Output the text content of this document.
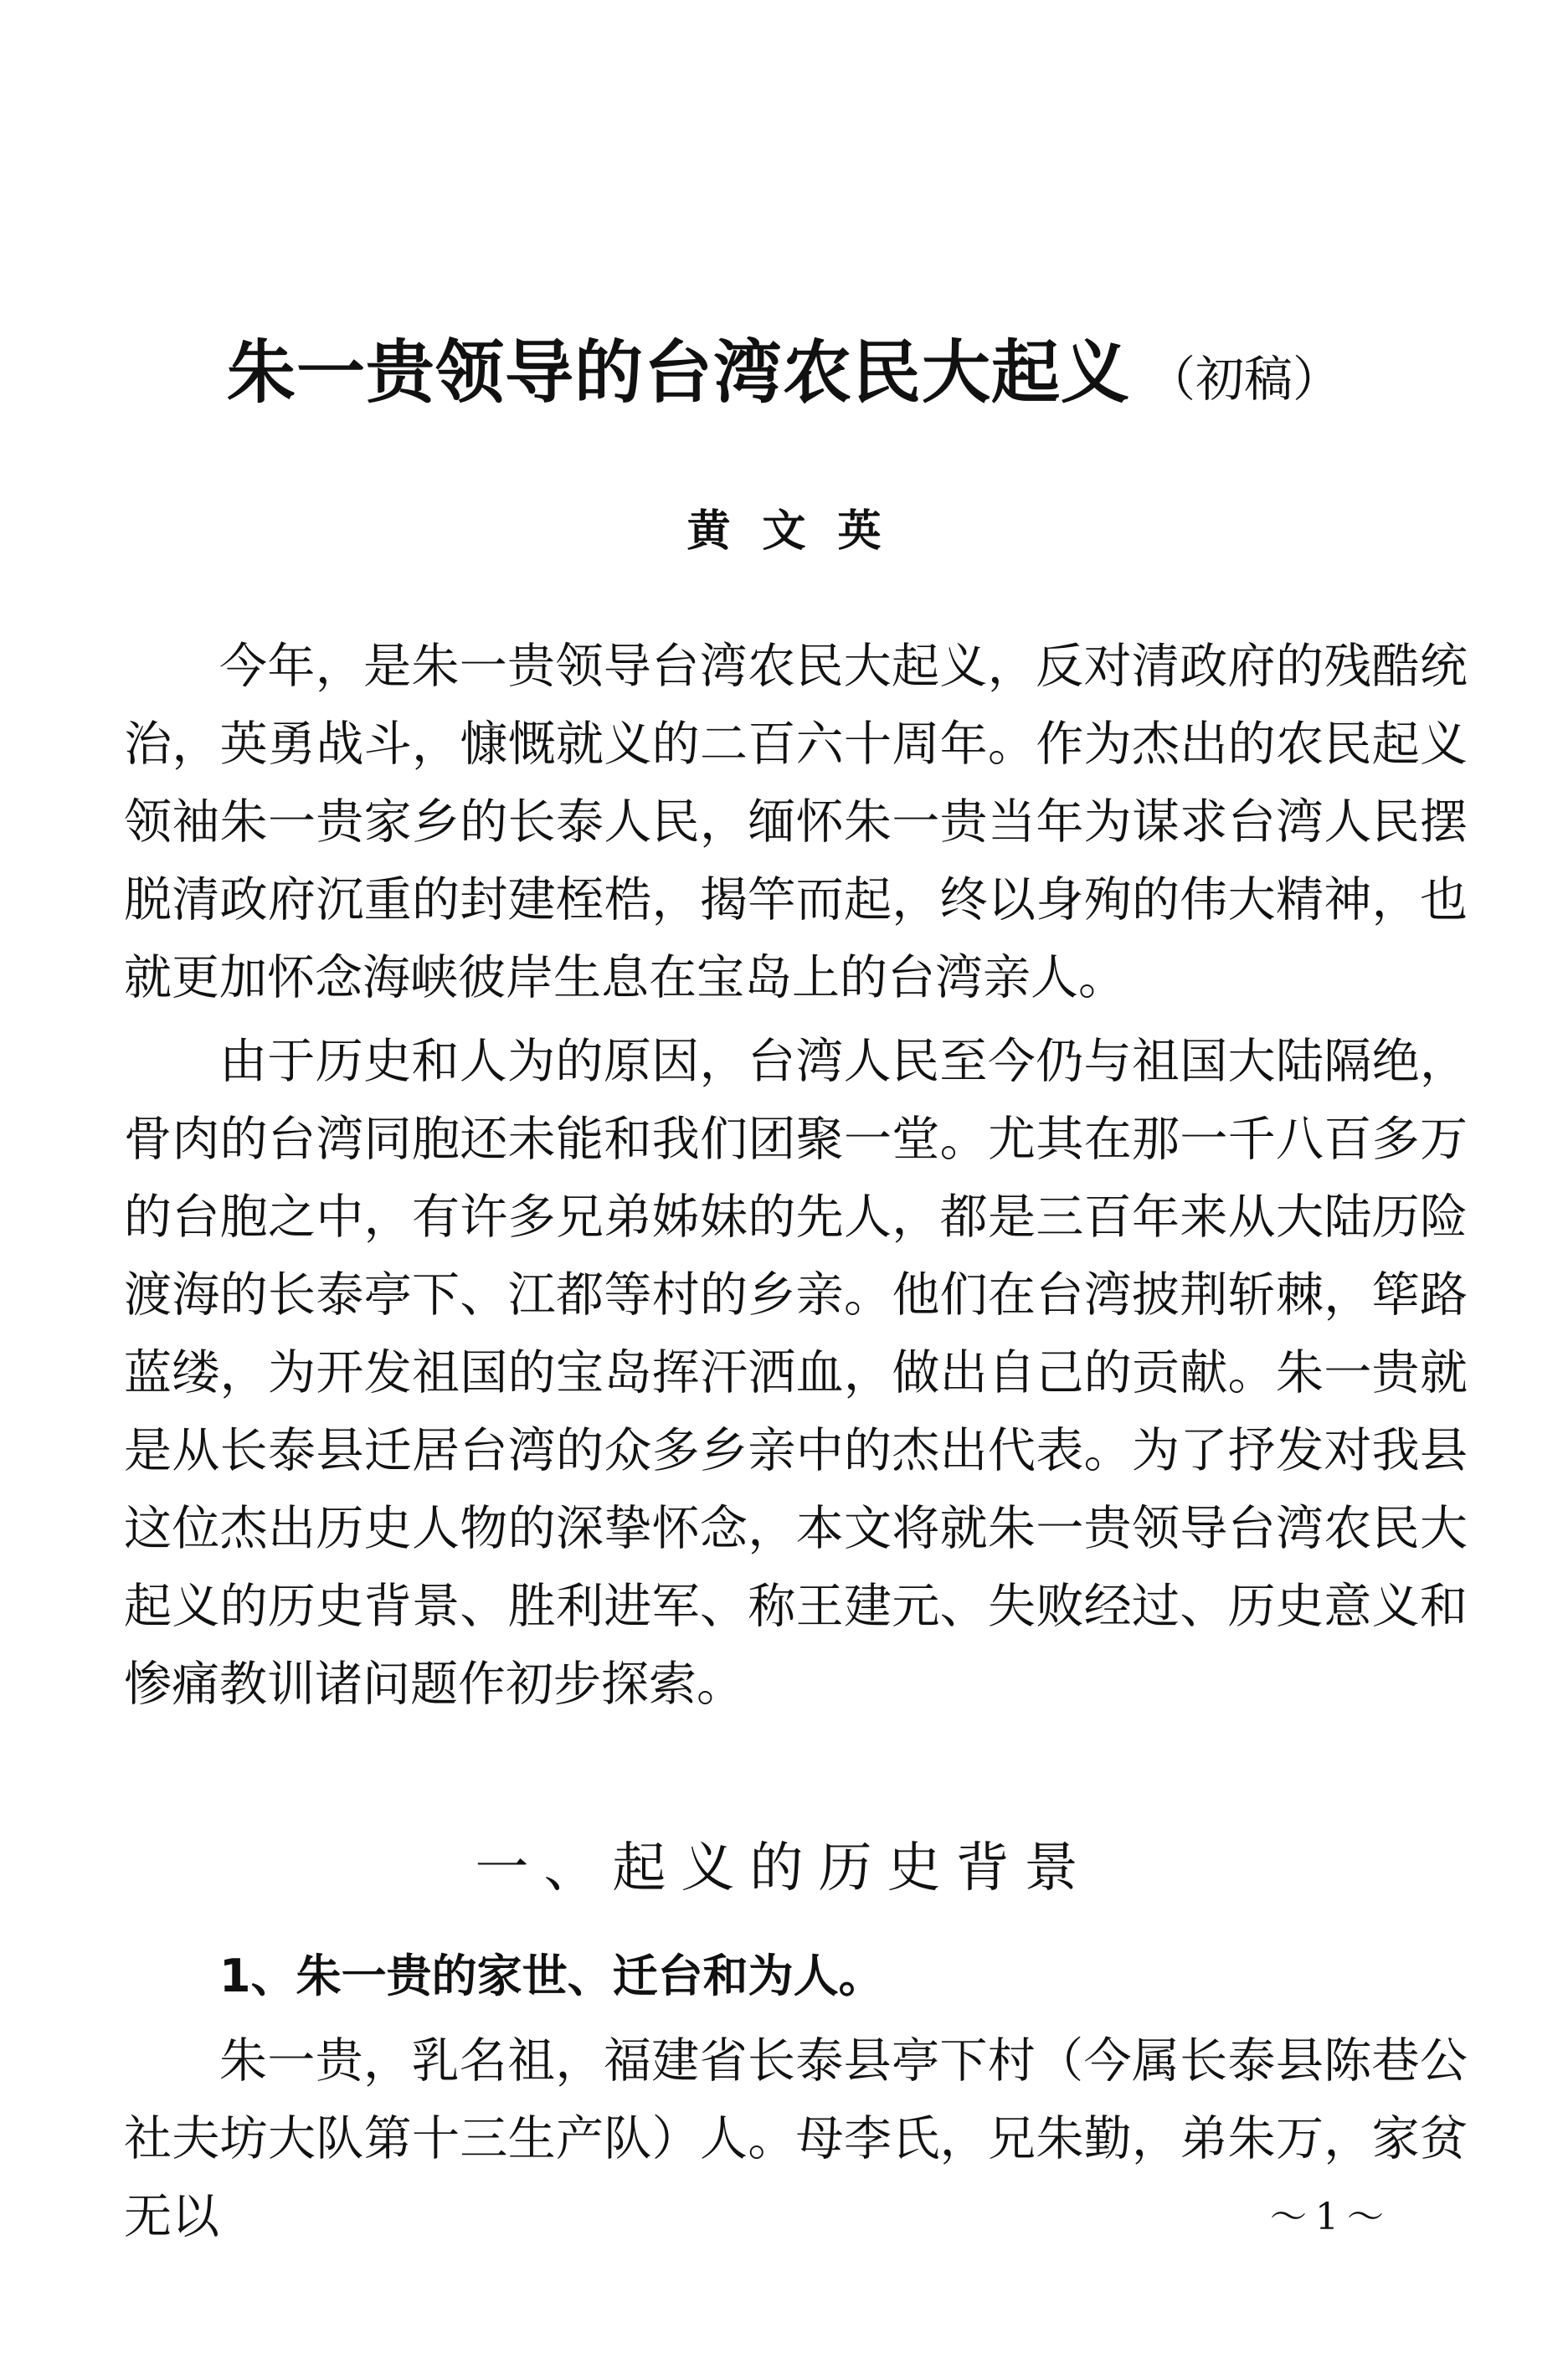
朱一贵领导的台湾农民大起义 （初稿）
黄文英

今年，是朱一贵领导台湾农民大起义，反对清政府的残酷统治，英勇战斗，慷慨就义的二百六十周年。作为杰出的农民起义领袖朱一贵家乡的长泰人民，缅怀朱一贵当年为谋求台湾人民摆脱清政府沉重的封建桎梏，揭竿而起，终以身殉的伟大精神，也就更加怀念海峡彼岸生息在宝岛上的台湾亲人。

由于历史和人为的原因，台湾人民至今仍与祖国大陆隔绝，骨肉的台湾同胞还未能和我们团聚一堂。尤其在那一千八百多万的台胞之中，有许多兄弟姊妹的先人，都是三百年来从大陆历险渡海的长泰亭下、江都等村的乡亲。他们在台湾披荆斩棘，筚路蓝缕，为开发祖国的宝岛挥汗洒血，做出自己的贡献。朱一贵就是从长泰县迁居台湾的众多乡亲中的杰出代表。为了抒发对我县这位杰出历史人物的深挚怀念，本文将就朱一贵领导台湾农民大起义的历史背景、胜利进军、称王建元、失败经过、历史意义和惨痛教训诸问题作初步探索。

一、起义的历史背景
1、朱一贵的家世、迁台和为人。

朱一贵，乳名祖，福建省长泰县亭下村（今属长泰县陈巷公社夫坊大队第十三生产队）人。母李氏，兄朱勤，弟朱万，家贫无以	～1～
